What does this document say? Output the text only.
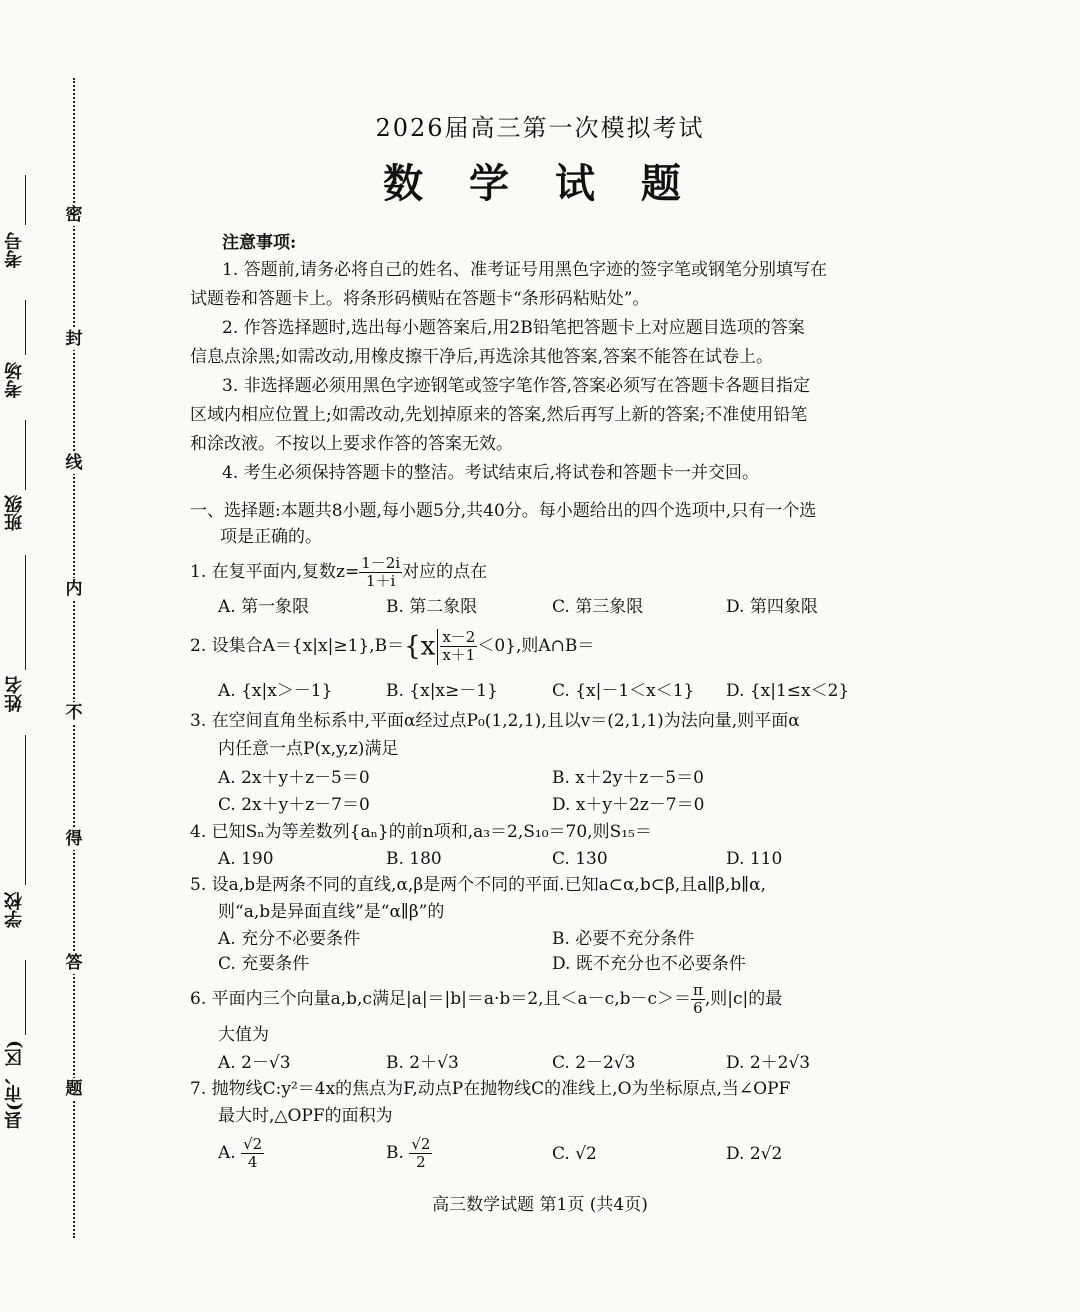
密
封
线
内
不
得
答
题
考号
考场
班级
姓名
学校
县(市、区)
2026届高三第一次模拟考试
数 学 试 题
注意事项:
1. 答题前,请务必将自己的姓名、准考证号用黑色字迹的签字笔或钢笔分别填写在
试题卷和答题卡上。将条形码横贴在答题卡“条形码粘贴处”。
2. 作答选择题时,选出每小题答案后,用2B铅笔把答题卡上对应题目选项的答案
信息点涂黑;如需改动,用橡皮擦干净后,再选涂其他答案,答案不能答在试卷上。
3. 非选择题必须用黑色字迹钢笔或签字笔作答,答案必须写在答题卡各题目指定
区域内相应位置上;如需改动,先划掉原来的答案,然后再写上新的答案;不准使用铅笔
和涂改液。不按以上要求作答的答案无效。
4. 考生必须保持答题卡的整洁。考试结束后,将试卷和答题卡一并交回。
一、选择题:本题共8小题,每小题5分,共40分。每小题给出的四个选项中,只有一个选
项是正确的。
1. 在复平面内,复数$z= \frac{1-2i}{1+i}$ 对应的点在
A. 第一象限	B. 第二象限	C. 第三象限	D. 第四象限
2. 设集合$A=\{x|x|\ge 1\},B=\{x \frac{x-2}{x+1} <0\}$,则A∩B＝
A. {x|x＞－1}	B. {x|x≥－1}	C. {x|－1＜x＜1} D. {x|1≤x＜2}
3. 在空间直角坐标系中,平面α经过点P₀(1,2,1),且以v＝(2,1,1)为法向量,则平面α
内任意一点P(x,y,z)满足
A. 2x＋y＋z－5＝0	B. x＋2y＋z－5＝0
C. 2x＋y＋z－7＝0	D. x＋y＋2z－7＝0
4. 已知Sₙ为等差数列{aₙ}的前n项和,a₃＝2,S₁₀＝70,则S₁₅＝
A. 190	B. 180	C. 130	D. 110
5. 设a,b是两条不同的直线,α,β是两个不同的平面.已知a⊂α,b⊂β,且a∥β,b∥α,
则“a,b是异面直线”是“α∥β”的
A. 充分不必要条件	B. 必要不充分条件
C. 充要条件	D. 既不充分也不必要条件
6. 平面内三个向量a,b,c满足|a|＝|b|＝a·b＝2,且$<a-c,b-c>= \frac{\pi}{6}$ ,则|c|的最
大值为
A. 2－√3	B. 2＋√3	C. 2－2√3	D. 2＋2√3
7. 抛物线C:y²＝4x的焦点为F,动点P在抛物线C的准线上,O为坐标原点,当∠OPF
最大时,△OPF的面积为
A. $\frac{√2}{4}$	B. $\frac{√2}{2}$	C. √2	D. 2√2
高三数学试题 第1页 (共4页)
